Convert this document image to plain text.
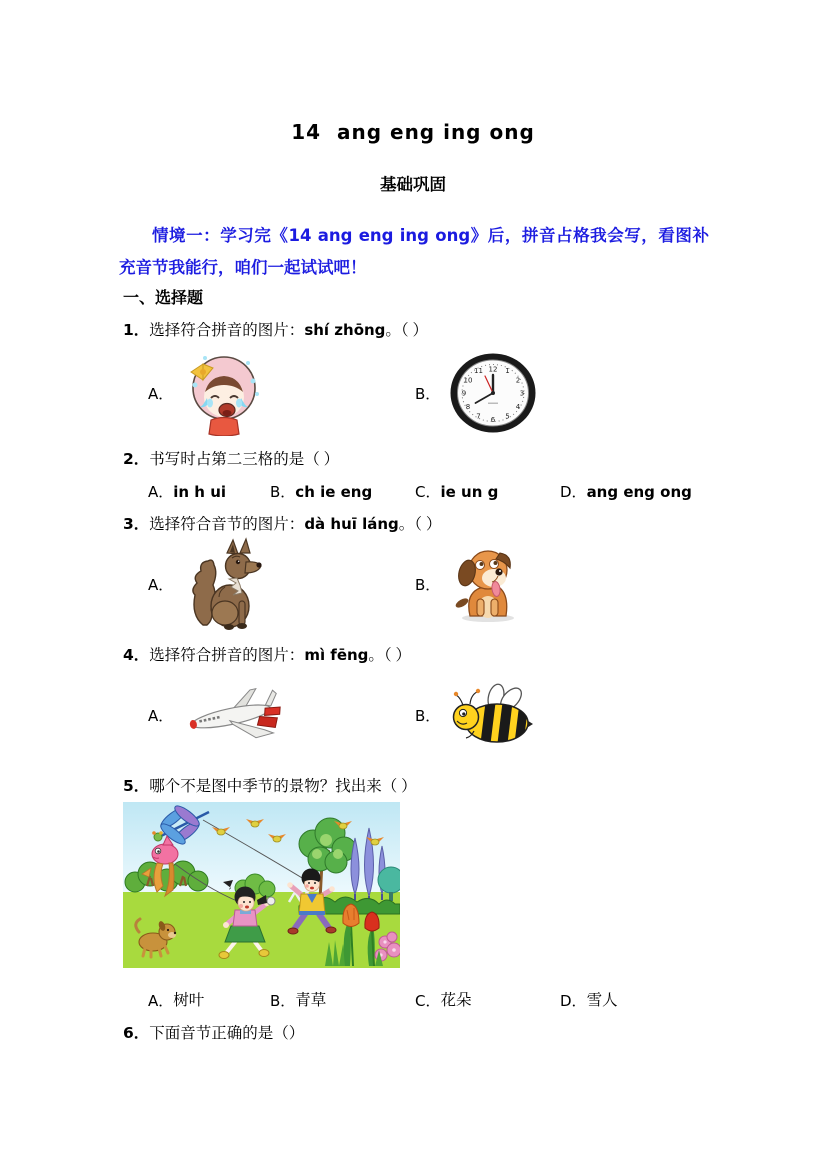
14  ang eng ing ong
基础巩固
情境一：学习完《14 ang eng ing ong》后，拼音占格我会写，看图补充音节我能行，咱们一起试试吧！
一、选择题
1．选择符合拼音的图片：shí zhōng。（ ）
A．	B．
12 1
2
3
4
5
6
7
8
9
10
11
2．书写时占第二三格的是（ ）
A． in h ui	B． ch ie eng	C． ie un g	D． ang eng ong
3．选择符合音节的图片：dà huī láng。（ ）
A．	B．
4．选择符合拼音的图片：mì fēng。（ ）
A．	B．
5．哪个不是图中季节的景物？找出来（ ）
A． 树叶	B． 青草	C． 花朵	D． 雪人
6．下面音节正确的是（）
